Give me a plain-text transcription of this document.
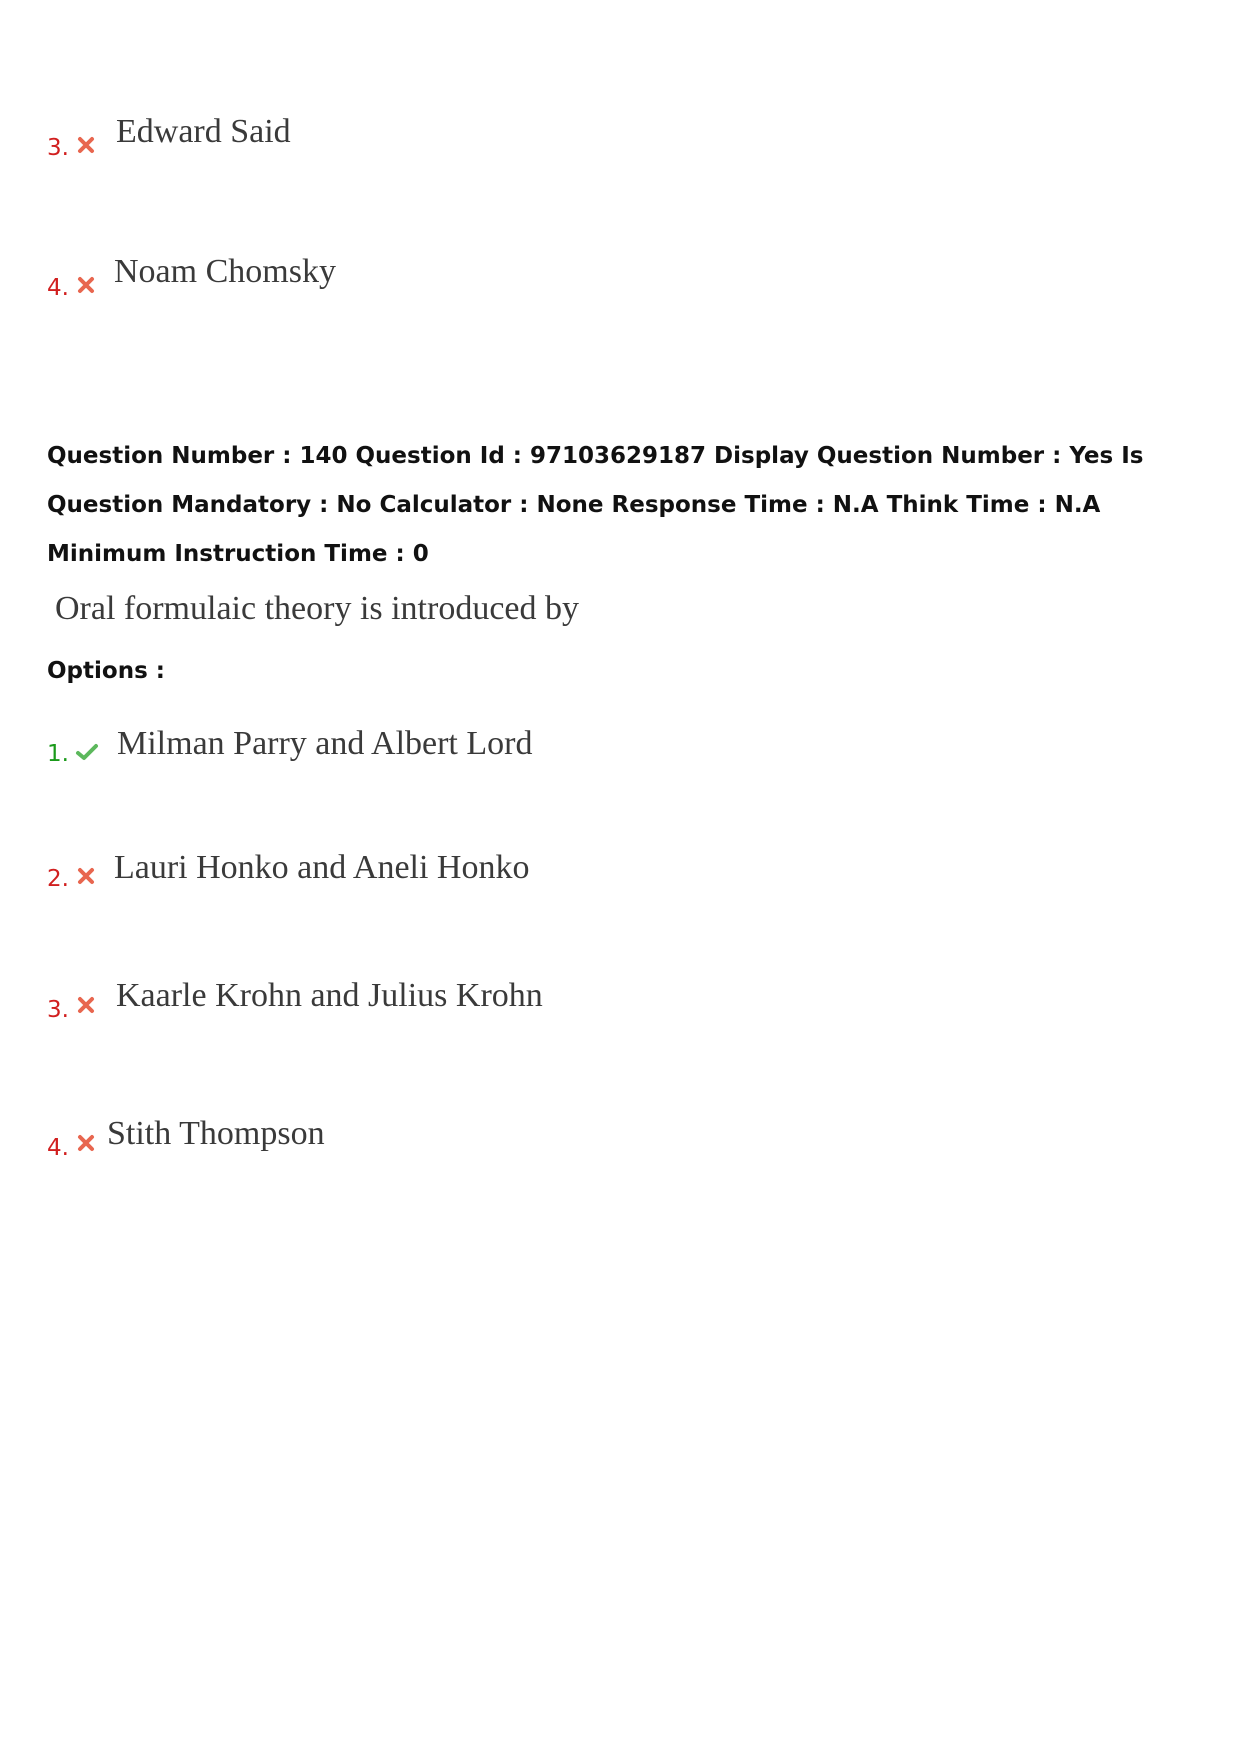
3. Edward Said
4. Noam Chomsky
Question Number : 140 Question Id : 97103629187 Display Question Number : Yes Is Question Mandatory : No Calculator : None Response Time : N.A Think Time : N.A Minimum Instruction Time : 0
Oral formulaic theory is introduced by
Options :
1. Milman Parry and Albert Lord
2. Lauri Honko and Aneli Honko
3. Kaarle Krohn and Julius Krohn
4. Stith Thompson
